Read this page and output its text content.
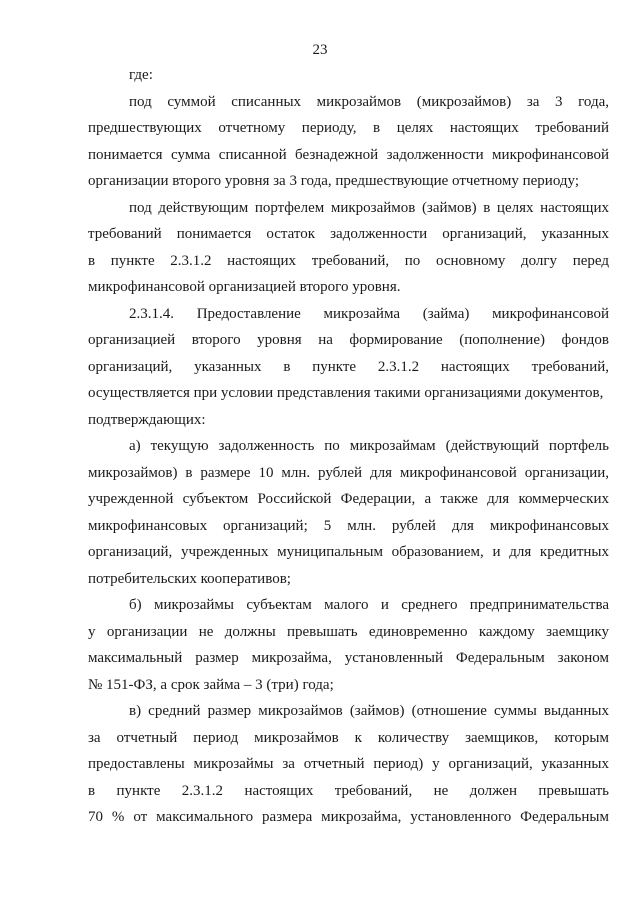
23
где:
под суммой списанных микрозаймов (микрозаймов) за 3 года,
предшествующих отчетному периоду, в целях настоящих требований
понимается сумма списанной безнадежной задолженности микрофинансовой
организации второго уровня за 3 года, предшествующие отчетному периоду;
под действующим портфелем микрозаймов (займов) в целях настоящих
требований понимается остаток задолженности организаций, указанных
в пункте 2.3.1.2 настоящих требований, по основному долгу перед
микрофинансовой организацией второго уровня.
2.3.1.4. Предоставление микрозайма (займа) микрофинансовой
организацией второго уровня на формирование (пополнение) фондов
организаций, указанных в пункте 2.3.1.2 настоящих требований,
осуществляется при условии представления такими организациями документов,
подтверждающих:
а) текущую задолженность по микрозаймам (действующий портфель
микрозаймов) в размере 10 млн. рублей для микрофинансовой организации,
учрежденной субъектом Российской Федерации, а также для коммерческих
микрофинансовых организаций; 5 млн. рублей для микрофинансовых
организаций, учрежденных муниципальным образованием, и для кредитных
потребительских кооперативов;
б) микрозаймы субъектам малого и среднего предпринимательства
у организации не должны превышать единовременно каждому заемщику
максимальный размер микрозайма, установленный Федеральным законом
№ 151-ФЗ, а срок займа – 3 (три) года;
в) средний размер микрозаймов (займов) (отношение суммы выданных
за отчетный период микрозаймов к количеству заемщиков, которым
предоставлены микрозаймы за отчетный период) у организаций, указанных
в пункте 2.3.1.2 настоящих требований, не должен превышать
70 % от максимального размера микрозайма, установленного Федеральным
